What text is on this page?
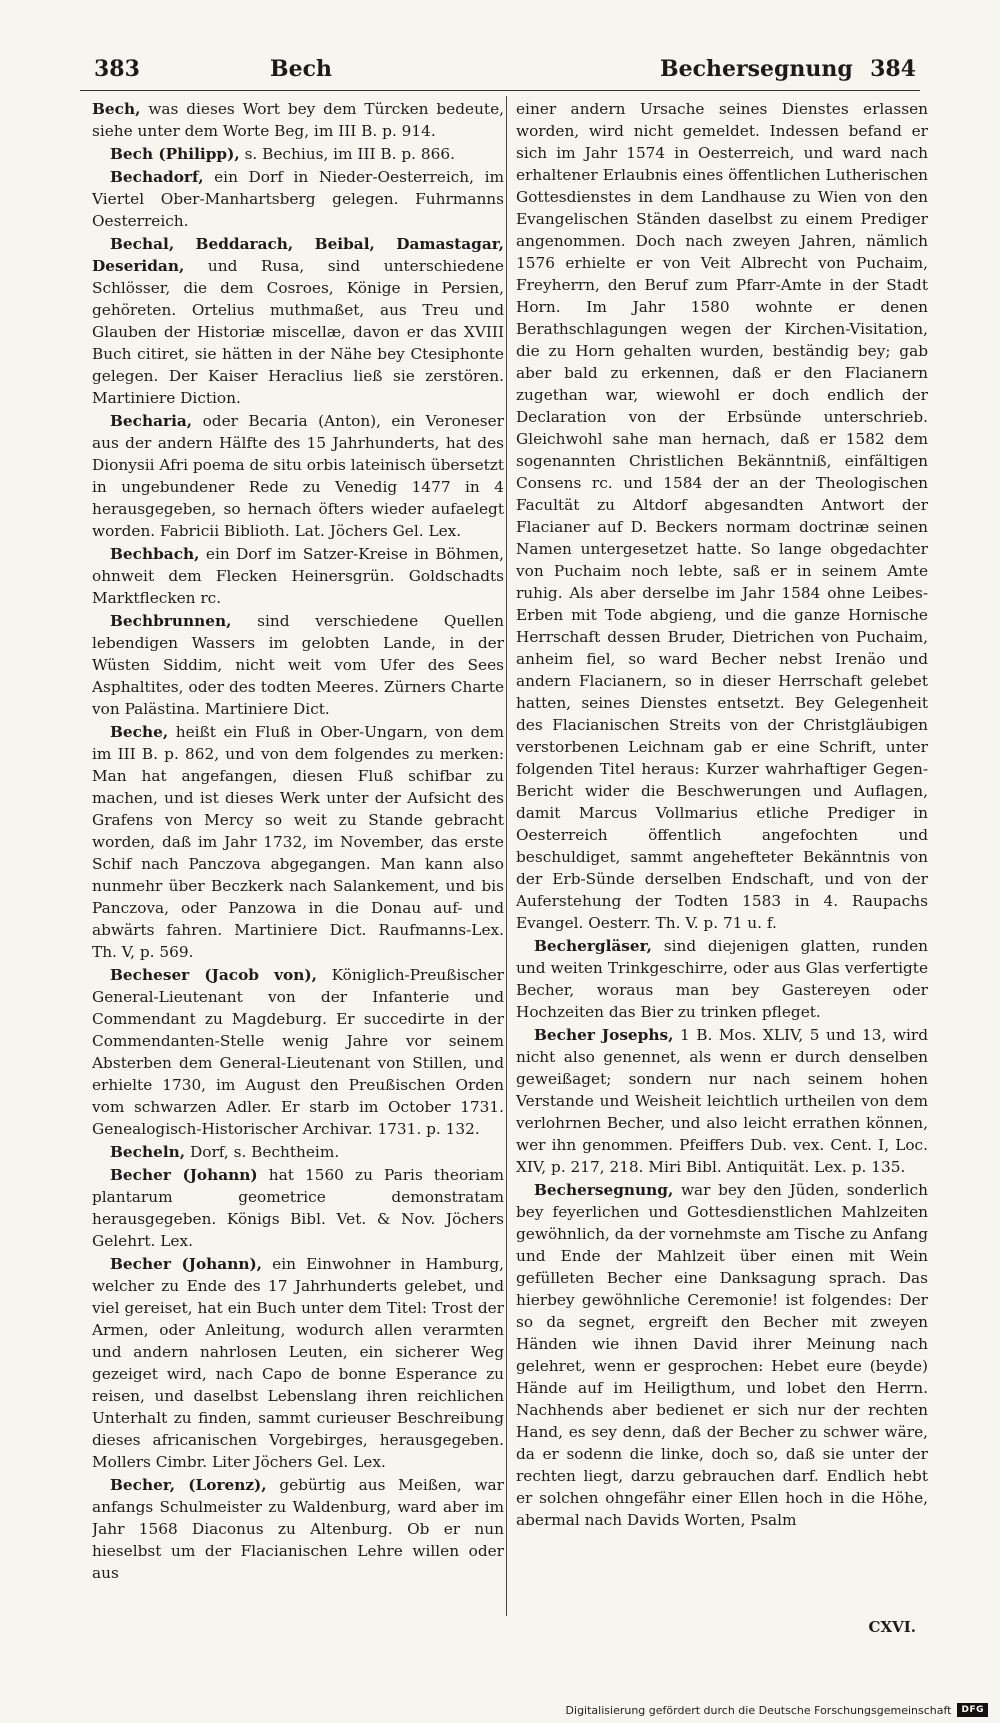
383	Bech	Bechersegnung 384

Bech, was dieses Wort bey dem Türcken bedeute, siehe unter dem Worte Beg, im III B. p. 914.

Bech (Philipp), s. Bechius, im III B. p. 866.

Bechadorf, ein Dorf in Nieder-Oesterreich, im Viertel Ober-Manhartsberg gelegen. Fuhrmanns Oesterreich.

Bechal, Beddarach, Beibal, Damastagar, Deseridan, und Rusa, sind unterschiedene Schlösser, die dem Cosroes, Könige in Persien, gehöreten. Ortelius muthmaßet, aus Treu und Glauben der Historiæ miscellæ, davon er das XVIII Buch citiret, sie hätten in der Nähe bey Ctesiphonte gelegen. Der Kaiser Heraclius ließ sie zerstören. Martiniere Diction.

Becharia, oder Becaria (Anton), ein Veroneser aus der andern Hälfte des 15 Jahrhunderts, hat des Dionysii Afri poema de situ orbis lateinisch übersetzt in ungebundener Rede zu Venedig 1477 in 4 herausgegeben, so hernach öfters wieder aufaelegt worden. Fabricii Biblioth. Lat. Jöchers Gel. Lex.

Bechbach, ein Dorf im Satzer-Kreise in Böhmen, ohnweit dem Flecken Heinersgrün. Goldschadts Marktflecken rc.

Bechbrunnen, sind verschiedene Quellen lebendigen Wassers im gelobten Lande, in der Wüsten Siddim, nicht weit vom Ufer des Sees Asphaltites, oder des todten Meeres. Zürners Charte von Palästina. Martiniere Dict.

Beche, heißt ein Fluß in Ober-Ungarn, von dem im III B. p. 862, und von dem folgendes zu merken: Man hat angefangen, diesen Fluß schifbar zu machen, und ist dieses Werk unter der Aufsicht des Grafens von Mercy so weit zu Stande gebracht worden, daß im Jahr 1732, im November, das erste Schif nach Panczova abgegangen. Man kann also nunmehr über Beczkerk nach Salankement, und bis Panczova, oder Panzowa in die Donau auf- und abwärts fahren. Martiniere Dict. Raufmanns-Lex. Th. V, p. 569.

Becheser (Jacob von), Königlich-Preußischer General-Lieutenant von der Infanterie und Commendant zu Magdeburg. Er succedirte in der Commendanten-Stelle wenig Jahre vor seinem Absterben dem General-Lieutenant von Stillen, und erhielte 1730, im August den Preußischen Orden vom schwarzen Adler. Er starb im October 1731. Genealogisch-Historischer Archivar. 1731. p. 132.

Becheln, Dorf, s. Bechtheim.

Becher (Johann) hat 1560 zu Paris theoriam plantarum geometrice demonstratam herausgegeben. Königs Bibl. Vet. & Nov. Jöchers Gelehrt. Lex.

Becher (Johann), ein Einwohner in Hamburg, welcher zu Ende des 17 Jahrhunderts gelebet, und viel gereiset, hat ein Buch unter dem Titel: Trost der Armen, oder Anleitung, wodurch allen verarmten und andern nahrlosen Leuten, ein sicherer Weg gezeiget wird, nach Capo de bonne Esperance zu reisen, und daselbst Lebenslang ihren reichlichen Unterhalt zu finden, sammt curieuser Beschreibung dieses africanischen Vorgebirges, herausgegeben. Mollers Cimbr. Liter Jöchers Gel. Lex.

Becher, (Lorenz), gebürtig aus Meißen, war anfangs Schulmeister zu Waldenburg, ward aber im Jahr 1568 Diaconus zu Altenburg. Ob er nun hieselbst um der Flacianischen Lehre willen oder aus

einer andern Ursache seines Dienstes erlassen worden, wird nicht gemeldet. Indessen befand er sich im Jahr 1574 in Oesterreich, und ward nach erhaltener Erlaubnis eines öffentlichen Lutherischen Gottesdienstes in dem Landhause zu Wien von den Evangelischen Ständen daselbst zu einem Prediger angenommen. Doch nach zweyen Jahren, nämlich 1576 erhielte er von Veit Albrecht von Puchaim, Freyherrn, den Beruf zum Pfarr-Amte in der Stadt Horn. Im Jahr 1580 wohnte er denen Berathschlagungen wegen der Kirchen-Visitation, die zu Horn gehalten wurden, beständig bey; gab aber bald zu erkennen, daß er den Flacianern zugethan war, wiewohl er doch endlich der Declaration von der Erbsünde unterschrieb. Gleichwohl sahe man hernach, daß er 1582 dem sogenannten Christlichen Bekänntniß, einfältigen Consens rc. und 1584 der an der Theologischen Facultät zu Altdorf abgesandten Antwort der Flacianer auf D. Beckers normam doctrinæ seinen Namen untergesetzet hatte. So lange obgedachter von Puchaim noch lebte, saß er in seinem Amte ruhig. Als aber derselbe im Jahr 1584 ohne Leibes-Erben mit Tode abgieng, und die ganze Hornische Herrschaft dessen Bruder, Dietrichen von Puchaim, anheim fiel, so ward Becher nebst Irenäo und andern Flacianern, so in dieser Herrschaft gelebet hatten, seines Dienstes entsetzt. Bey Gelegenheit des Flacianischen Streits von der Christgläubigen verstorbenen Leichnam gab er eine Schrift, unter folgenden Titel heraus: Kurzer wahrhaftiger Gegen-Bericht wider die Beschwerungen und Auflagen, damit Marcus Vollmarius etliche Prediger in Oesterreich öffentlich angefochten und beschuldiget, sammt angehefteter Bekänntnis von der Erb-Sünde derselben Endschaft, und von der Auferstehung der Todten 1583 in 4. Raupachs Evangel. Oesterr. Th. V. p. 71 u. f.

Bechergläser, sind diejenigen glatten, runden und weiten Trinkgeschirre, oder aus Glas verfertigte Becher, woraus man bey Gastereyen oder Hochzeiten das Bier zu trinken pfleget.

Becher Josephs, 1 B. Mos. XLIV, 5 und 13, wird nicht also genennet, als wenn er durch denselben geweißaget; sondern nur nach seinem hohen Verstande und Weisheit leichtlich urtheilen von dem verlohrnen Becher, und also leicht errathen können, wer ihn genommen. Pfeiffers Dub. vex. Cent. I, Loc. XIV, p. 217, 218. Miri Bibl. Antiquität. Lex. p. 135.

Bechersegnung, war bey den Jüden, sonderlich bey feyerlichen und Gottesdienstlichen Mahlzeiten gewöhnlich, da der vornehmste am Tische zu Anfang und Ende der Mahlzeit über einen mit Wein gefülleten Becher eine Danksagung sprach. Das hierbey gewöhnliche Ceremonie! ist folgendes: Der so da segnet, ergreift den Becher mit zweyen Händen wie ihnen David ihrer Meinung nach gelehret, wenn er gesprochen: Hebet eure (beyde) Hände auf im Heiligthum, und lobet den Herrn. Nachhends aber bedienet er sich nur der rechten Hand, es sey denn, daß der Becher zu schwer wäre, da er sodenn die linke, doch so, daß sie unter der rechten liegt, darzu gebrauchen darf. Endlich hebt er solchen ohngefähr einer Ellen hoch in die Höhe, abermal nach Davids Worten, Psalm

CXVI.
Digitalisierung gefördert durch die Deutsche Forschungsgemeinschaft	DFG
